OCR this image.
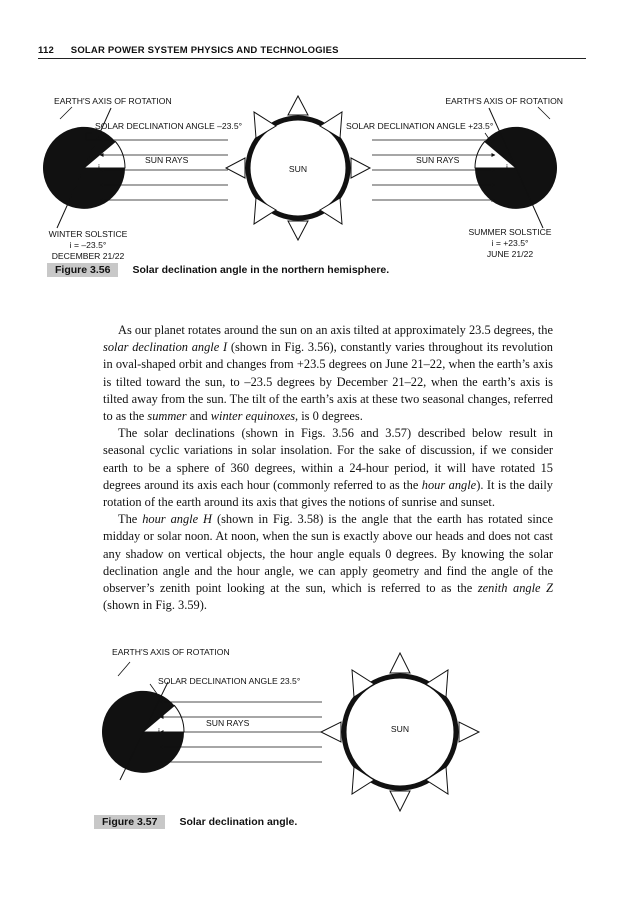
112 SOLAR POWER SYSTEM PHYSICS AND TECHNOLOGIES
SUN
i	i
EARTH'S AXIS OF ROTATION	EARTH'S AXIS OF ROTATION
SOLAR DECLINATION ANGLE –23.5°	SOLAR DECLINATION ANGLE +23.5°
SUN RAYS	SUN RAYS
WINTER SOLSTICE
i = –23.5°
DECEMBER 21/22
SUMMER SOLSTICE
i = +23.5°
JUNE 21/22
Figure 3.56	Solar declination angle in the northern hemisphere.

As our planet rotates around the sun on an axis tilted at approximately 23.5 degrees, the solar declination angle I (shown in Fig. 3.56), constantly varies throughout its revolution in oval-shaped orbit and changes from +23.5 degrees on June 21–22, when the earth’s axis is tilted toward the sun, to –23.5 degrees by December 21–22, when the earth’s axis is tilted away from the sun. The tilt of the earth’s axis at these two seasonal changes, referred to as the summer and winter equinoxes, is 0 degrees.

The solar declinations (shown in Figs. 3.56 and 3.57) described below result in seasonal cyclic variations in solar insolation. For the sake of discussion, if we consider earth to be a sphere of 360 degrees, within a 24-hour period, it will have rotated 15 degrees around its axis each hour (commonly referred to as the hour angle). It is the daily rotation of the earth around its axis that gives the notions of sunrise and sunset.

The hour angle H (shown in Fig. 3.58) is the angle that the earth has rotated since midday or solar noon. At noon, when the sun is exactly above our heads and does not cast any shadow on vertical objects, the hour angle equals 0 degrees. By knowing the solar declination angle and the hour angle, we can apply geometry and find the angle of the observer’s zenith point looking at the sun, which is referred to as the zenith angle Z (shown in Fig. 3.59).

i	SUN
EARTH'S AXIS OF ROTATION
SOLAR DECLINATION ANGLE 23.5°
SUN RAYS
Figure 3.57	Solar declination angle.
